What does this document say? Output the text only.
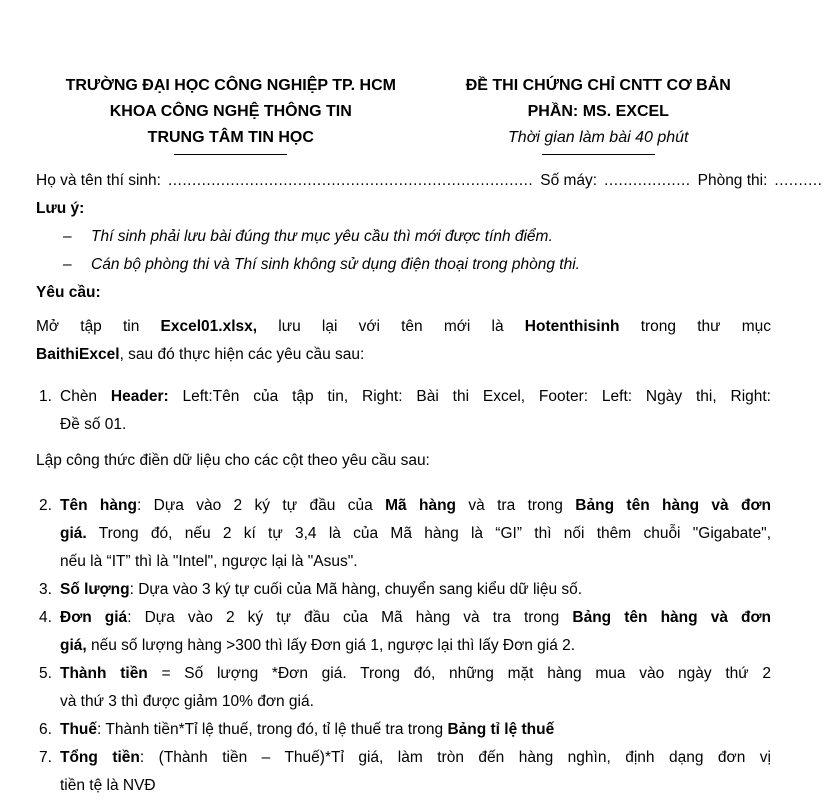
TRƯỜNG ĐẠI HỌC CÔNG NGHIỆP TP. HCM
KHOA CÔNG NGHỆ THÔNG TIN
TRUNG TÂM TIN HỌC
ĐỀ THI CHỨNG CHỈ CNTT CƠ BẢN
PHẦN: MS. EXCEL
Thời gian làm bài 40 phút
Họ và tên thí sinh: ............................................................................ Số máy: .................. Phòng thi: ..........
Lưu ý:
–	Thí sinh phải lưu bài đúng thư mục yêu cầu thì mới được tính điểm.
–	Cán bộ phòng thi và Thí sinh không sử dụng điện thoại trong phòng thi.
Yêu cầu:
Mở tập tin Excel01.xlsx, lưu lại với tên mới là Hotenthisinh trong thư mục
BaithiExcel, sau đó thực hiện các yêu cầu sau:
1. Chèn Header: Left:Tên của tập tin, Right: Bài thi Excel, Footer: Left: Ngày thi, Right:
Đề số 01.
Lập công thức điền dữ liệu cho các cột theo yêu cầu sau:
2. Tên hàng: Dựa vào 2 ký tự đầu của Mã hàng và tra trong Bảng tên hàng và đơn
giá. Trong đó, nếu 2 kí tự 3,4 là của Mã hàng là “GI” thì nối thêm chuỗi "Gigabate",
nếu là “IT” thì là "Intel", ngược lại là "Asus".
3. Số lượng: Dựa vào 3 ký tự cuối của Mã hàng, chuyển sang kiểu dữ liệu số.
4. Đơn giá: Dựa vào 2 ký tự đầu của Mã hàng và tra trong Bảng tên hàng và đơn
giá, nếu số lượng hàng >300 thì lấy Đơn giá 1, ngược lại thì lấy Đơn giá 2.
5. Thành tiền = Số lượng *Đơn giá. Trong đó, những mặt hàng mua vào ngày thứ 2
và thứ 3 thì được giảm 10% đơn giá.
6. Thuế: Thành tiền*Tỉ lệ thuế, trong đó, tỉ lệ thuế tra trong Bảng tỉ lệ thuế
7. Tổng tiền: (Thành tiền – Thuế)*Tỉ giá, làm tròn đến hàng nghìn, định dạng đơn vị
tiền tệ là NVĐ
